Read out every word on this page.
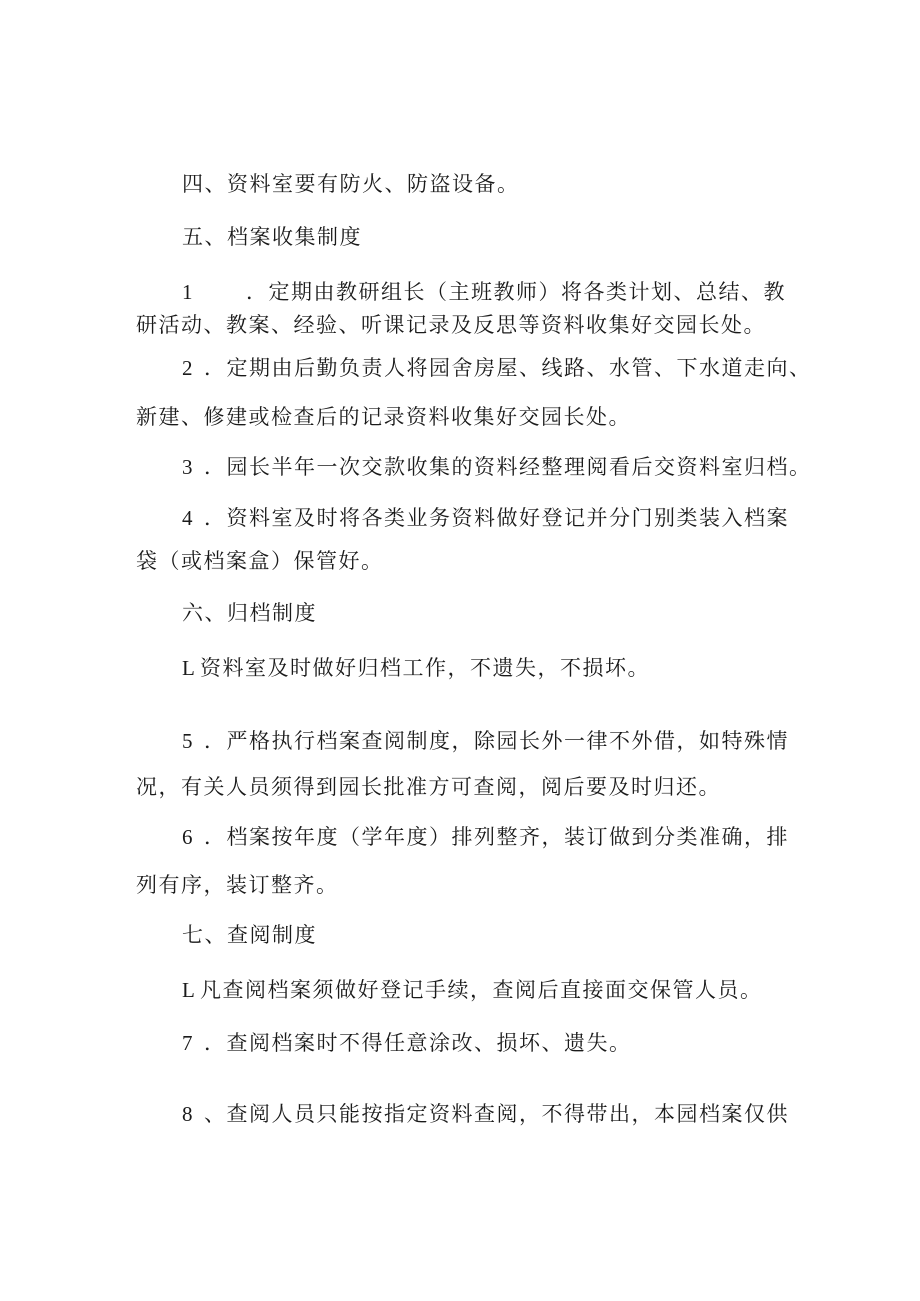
四、资料室要有防火、防盗设备。
五、档案收集制度
1	．定期由教研组长（主班教师）将各类计划、总结、教
研活动、教案、经验、听课记录及反思等资料收集好交园长处。
2 ．定期由后勤负责人将园舍房屋、线路、水管、下水道走向、
新建、修建或检查后的记录资料收集好交园长处。
3 ．园长半年一次交款收集的资料经整理阅看后交资料室归档。
4 ．资料室及时将各类业务资料做好登记并分门别类装入档案
袋（或档案盒）保管好。
六、归档制度
L 资料室及时做好归档工作，不遗失，不损坏。
5 ．严格执行档案查阅制度，除园长外一律不外借，如特殊情
况，有关人员须得到园长批准方可查阅，阅后要及时归还。
6 ．档案按年度（学年度）排列整齐，装订做到分类准确，排
列有序，装订整齐。
七、查阅制度
L 凡查阅档案须做好登记手续，查阅后直接面交保管人员。
7 ．查阅档案时不得任意涂改、损坏、遗失。
8 、查阅人员只能按指定资料查阅，不得带出，本园档案仅供
